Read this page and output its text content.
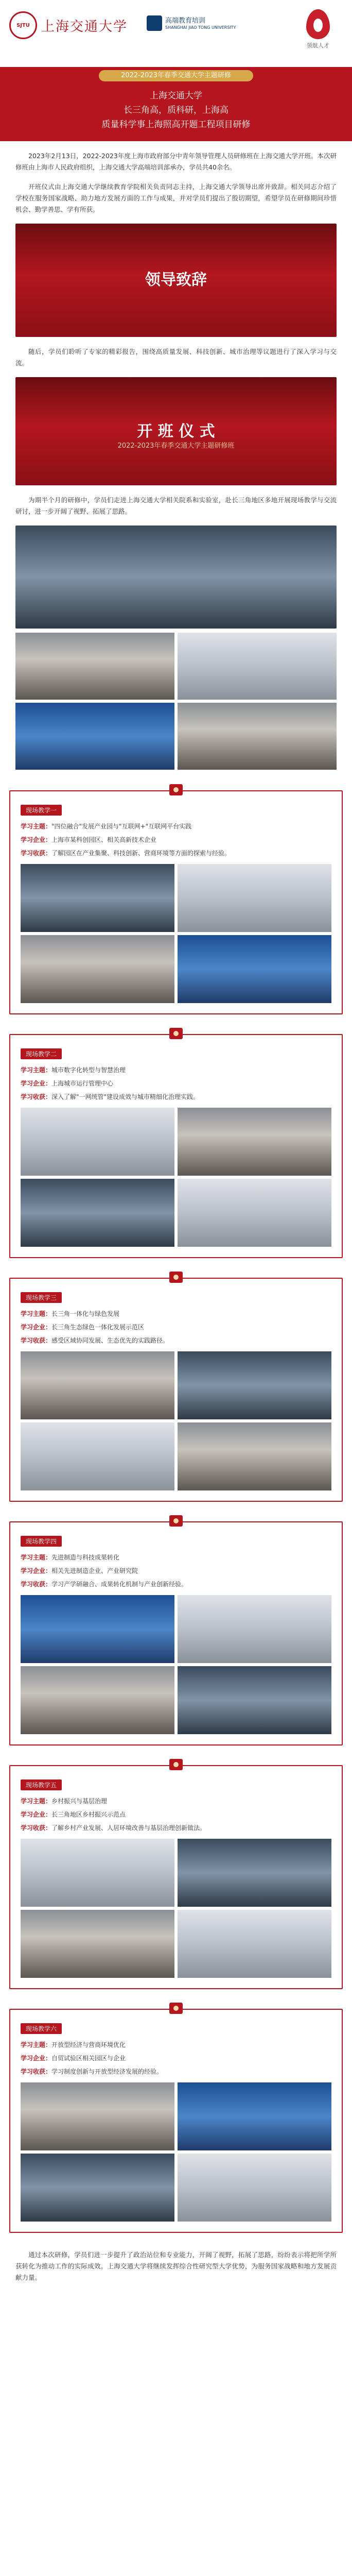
SJTU 上海交通大学	高端教育培训
SHANGHAI JIAO TONG UNIVERSITY
领航人才
2022-2023年春季交通大学主题研修
上海交通大学
长三角高，质科研，上海高
质量科学事上海照高开题工程项目研修

2023年2月13日，2022-2023年度上海市政府部分中青年领导管理人员研修班在上海交通大学开班。本次研修班由上海市人民政府组织，上海交通大学高端培训部承办，学员共40余名。

开班仪式由上海交通大学继续教育学院相关负责同志主持，上海交通大学领导出席并致辞。相关同志介绍了学校在服务国家战略、助力地方发展方面的工作与成果，并对学员们提出了殷切期望，希望学员在研修期间珍惜机会、勤学善思、学有所获。

领导致辞

随后，学员们聆听了专家的精彩报告，围绕高质量发展、科技创新、城市治理等议题进行了深入学习与交流。

开 班 仪 式
2022-2023年春季交通大学主题研修班

为期半个月的研修中，学员们走进上海交通大学相关院系和实验室，赴长三角地区多地开展现场教学与交流研讨，进一步开阔了视野、拓展了思路。

现场教学一
学习主题："四位融合"发展产业园与"互联网+"互联网平台实践
学习企业：上海市某科创园区、相关高新技术企业
学习收获：了解园区在产业集聚、科技创新、营商环境等方面的探索与经验。
现场教学二
学习主题：城市数字化转型与智慧治理
学习企业：上海城市运行管理中心
学习收获：深入了解"一网统管"建设成效与城市精细化治理实践。
现场教学三
学习主题：长三角一体化与绿色发展
学习企业：长三角生态绿色一体化发展示范区
学习收获：感受区域协同发展、生态优先的实践路径。
现场教学四
学习主题：先进制造与科技成果转化
学习企业：相关先进制造企业、产业研究院
学习收获：学习产学研融合、成果转化机制与产业创新经验。
现场教学五
学习主题：乡村振兴与基层治理
学习企业：长三角地区乡村振兴示范点
学习收获：了解乡村产业发展、人居环境改善与基层治理创新做法。
现场教学六
学习主题：开放型经济与营商环境优化
学习企业：自贸试验区相关园区与企业
学习收获：学习制度创新与开放型经济发展的经验。
通过本次研修，学员们进一步提升了政治站位和专业能力，开阔了视野，拓展了思路，纷纷表示将把所学所获转化为推动工作的实际成效。上海交通大学将继续发挥综合性研究型大学优势，为服务国家战略和地方发展贡献力量。
